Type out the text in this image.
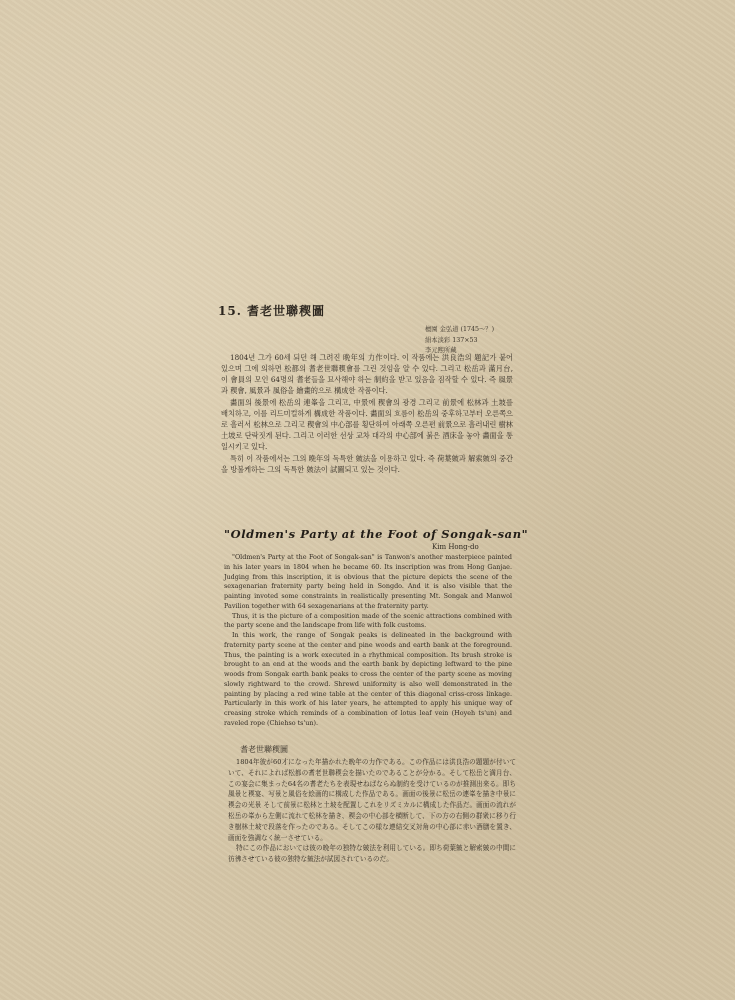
15. 耆老世聯稧圖
檀園 金弘道 (1745～？)
絹本淡彩 137×53
李元熙所藏

1804년 그가 60세 되던 해 그려진 晩年의 力作이다. 이 작품에는 洪良浩의 題記가 붙어 있으며 그에 의하면 松都의 耆老世聯稧會를 그린 것임을 알 수 있다. 그리고 松岳과 滿月台, 이 會員의 모인 64명의 耆老들을 묘사해야 하는 制約을 받고 있음을 짐작할 수 있다. 즉 風景과 稧會, 風景과 風俗을 繪畫的으로 構成한 작품이다.

畵面의 後景에 松岳의 連峯을 그리고, 中景에 稧會의 광경 그리고 前景에 松林과 土坡를 배치하고, 이를 리드미컬하게 構成한 작품이다. 畵面의 흐름이 松岳의 중후하고부터 오른쪽으로 흘러서 松林으로 그리고 稧會의 中心部를 횡단하여 아래쪽 오른편 前景으로 흘러내린 樹林 土坡로 단락짓게 된다. 그리고 이러한 선상 교차 대각의 中心部에 붉은 酒床을 놓아 畵面을 통일시키고 있다.

특히 이 작품에서는 그의 晩年의 독특한 皴法을 이용하고 있다. 즉 荷葉皴과 解索皴의 중간을 방불케하는 그의 독특한 皴法이 試圖되고 있는 것이다.

"Oldmen's Party at the Foot of Songak-san"
Kim Hong-do

"Oldmen's Party at the Foot of Songak-san" is Tanwon's another masterpiece painted in his later years in 1804 when he became 60. Its inscription was from Hong Ganjae. Judging from this inscription, it is obvious that the picture depicts the scene of the sexagenarian fraternity party being held in Songdo. And it is also visible that the painting invoted some constraints in realistically presenting Mt. Songak and Manwol Pavilion together with 64 sexagenarians at the fraternity party.

Thus, it is the picture of a composition made of the scenic attractions combined with the party scene and the landscape from life with folk customs.

In this work, the range of Songak peaks is delineated in the background with fraternity party scene at the center and pine woods and earth bank at the foreground. Thus, the painting is a work executed in a rhythmical composition. Its brush stroke is brought to an end at the woods and the earth bank by depicting leftward to the pine woods from Songak earth bank peaks to cross the center of the party scene as moving slowly rightward to the crowd. Shrewd uniformity is also well demonstrated in the painting by placing a red wine table at the center of this diagonal criss-cross linkage. Particularly in this work of his later years, he attempted to apply his unique way of creasing stroke which reminds of a combination of lotus leaf vein (Hoyeh ts'un) and raveled rope (Chiehso ts'un).

耆老世聯稧圖

1804年彼が60才になった年描かれた晩年の力作である。この作品には洪良浩の題題が付いていて、それによれば松都の耆老世聯稧会を描いたのであることが分かる。そして松岳と満月台、この宴会に集まった64名の耆老たちを表現せねばならぬ制約を受けているのが推測出来る。即ち風景と稧宴、写景と風俗を絵画的に構成した作品である。画面の後景に松岳の連峯を描き中景に稧会の光景 そして前景に松林と土坡を配置しこれをリズミカルに構成した作品だ。画面の流れが松岳の峯から左側に流れて松林を描き、稧会の中心部を横断して、下の方の右側の群衆に移り行き樹林土坡で段落を作ったのである。そしてこの様な連結交叉対角の中心部に赤い酒膳を置き、画面を強調なく統一させている。

特にこの作品においては彼の晩年の独特な皴法を利用している。即ち荷葉皴と解索皴の中間に彷彿させている彼の独特な皴法が試図されているのだ。
